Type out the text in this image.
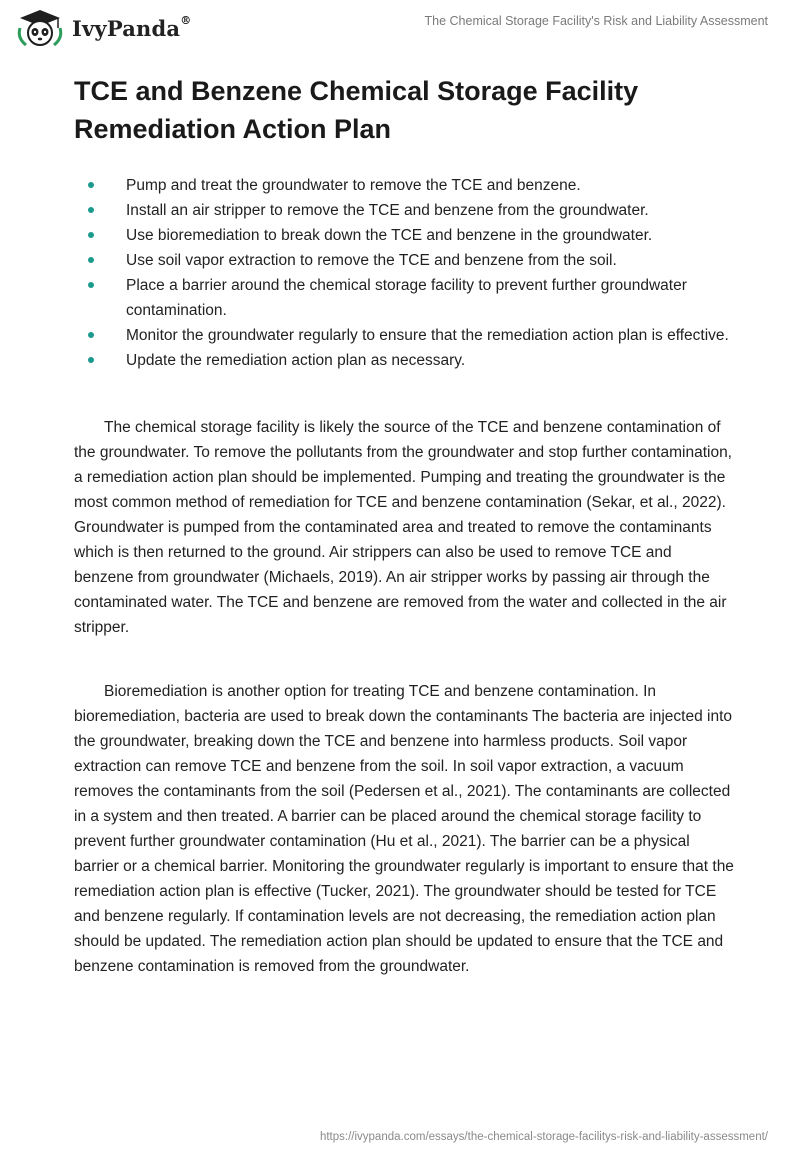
IvyPanda®	The Chemical Storage Facility's Risk and Liability Assessment
TCE and Benzene Chemical Storage Facility Remediation Action Plan
Pump and treat the groundwater to remove the TCE and benzene.
Install an air stripper to remove the TCE and benzene from the groundwater.
Use bioremediation to break down the TCE and benzene in the groundwater.
Use soil vapor extraction to remove the TCE and benzene from the soil.
Place a barrier around the chemical storage facility to prevent further groundwater contamination.
Monitor the groundwater regularly to ensure that the remediation action plan is effective.
Update the remediation action plan as necessary.

The chemical storage facility is likely the source of the TCE and benzene contamination of the groundwater. To remove the pollutants from the groundwater and stop further contamination, a remediation action plan should be implemented. Pumping and treating the groundwater is the most common method of remediation for TCE and benzene contamination (Sekar, et al., 2022). Groundwater is pumped from the contaminated area and treated to remove the contaminants which is then returned to the ground. Air strippers can also be used to remove TCE and benzene from groundwater (Michaels, 2019). An air stripper works by passing air through the contaminated water. The TCE and benzene are removed from the water and collected in the air stripper.

Bioremediation is another option for treating TCE and benzene contamination. In bioremediation, bacteria are used to break down the contaminants The bacteria are injected into the groundwater, breaking down the TCE and benzene into harmless products. Soil vapor extraction can remove TCE and benzene from the soil. In soil vapor extraction, a vacuum removes the contaminants from the soil (Pedersen et al., 2021). The contaminants are collected in a system and then treated. A barrier can be placed around the chemical storage facility to prevent further groundwater contamination (Hu et al., 2021). The barrier can be a physical barrier or a chemical barrier. Monitoring the groundwater regularly is important to ensure that the remediation action plan is effective (Tucker, 2021). The groundwater should be tested for TCE and benzene regularly. If contamination levels are not decreasing, the remediation action plan should be updated. The remediation action plan should be updated to ensure that the TCE and benzene contamination is removed from the groundwater.

https://ivypanda.com/essays/the-chemical-storage-facilitys-risk-and-liability-assessment/
